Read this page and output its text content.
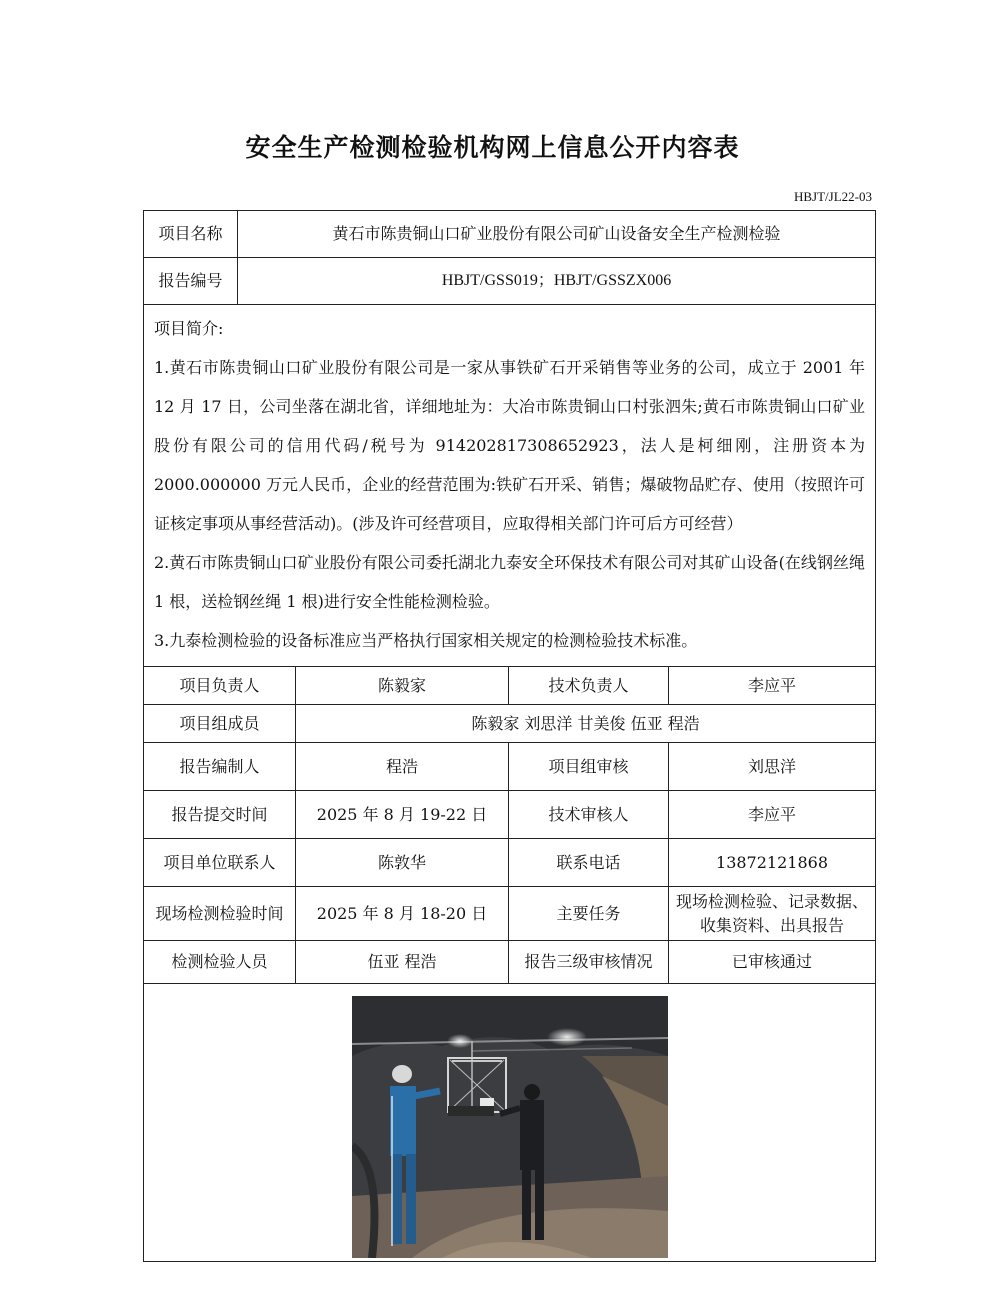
安全生产检测检验机构网上信息公开内容表
HBJT/JL22-03
项目名称	黄石市陈贵铜山口矿业股份有限公司矿山设备安全生产检测检验			
报告编号	HBJT/GSS019；HBJT/GSSZX006			

项目简介:

1.黄石市陈贵铜山口矿业股份有限公司是一家从事铁矿石开采销售等业务的公司，成立于 2001 年 12 月 17 日，公司坐落在湖北省，详细地址为：大冶市陈贵铜山口村张泗朱;黄石市陈贵铜山口矿业股份有限公司的信用代码/税号为 914202817308652923，法人是柯细刚，注册资本为 2000.000000 万元人民币，企业的经营范围为:铁矿石开采、销售；爆破物品贮存、使用（按照许可证核定事项从事经营活动)。(涉及许可经营项目，应取得相关部门许可后方可经营）

2.黄石市陈贵铜山口矿业股份有限公司委托湖北九泰安全环保技术有限公司对其矿山设备(在线钢丝绳 1 根，送检钢丝绳 1 根)进行安全性能检测检验。

3.九泰检测检验的设备标准应当严格执行国家相关规定的检测检验技术标准。				

项目负责人		陈毅家	技术负责人	李应平
项目组成员		陈毅家 刘思洋 甘美俊 伍亚 程浩		
报告编制人		程浩	项目组审核	刘思洋
报告提交时间		2025 年 8 月 19-22 日	技术审核人	李应平
项目单位联系人		陈敦华	联系电话	13872121868
现场检测检验时间		2025 年 8 月 18-20 日	主要任务	现场检测检验、记录数据、收集资料、出具报告
检测检验人员		伍亚 程浩	报告三级审核情况	已审核通过
